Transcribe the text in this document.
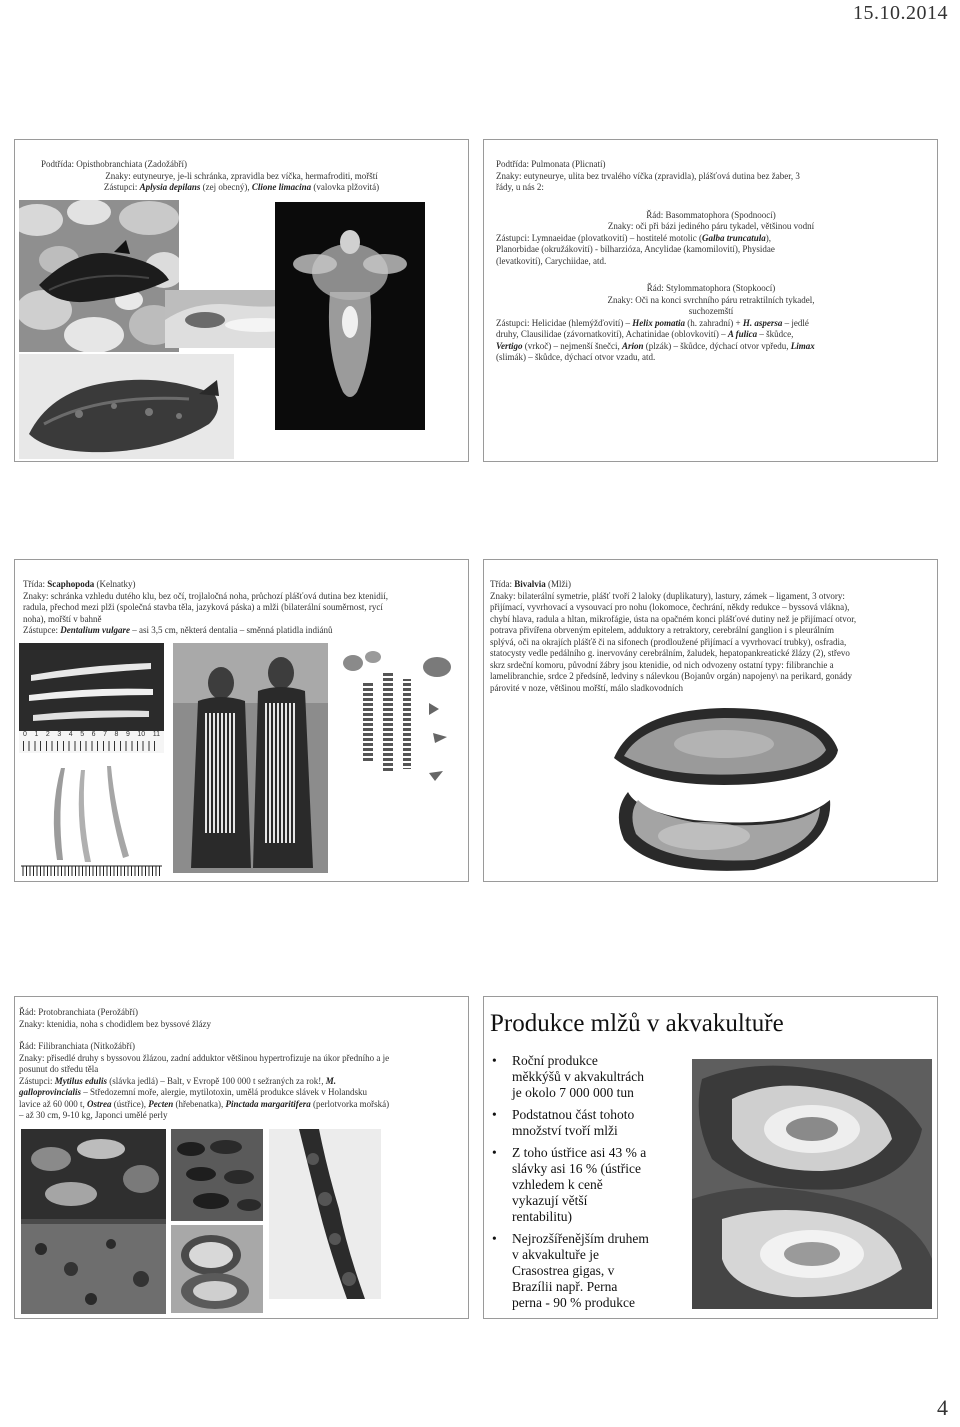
15.10.2014
4
Podtřída: Opisthobranchiata (Zadožábří)
Znaky: eutyneurye, je-li schránka, zpravidla bez víčka, hermafroditi, mořští
Zástupci: Aplysia depilans (zej obecný), Clione limacina (valovka plžovitá)
Podtřída: Pulmonata (Plicnatí)
Znaky: eutyneurye, ulita bez trvalého víčka (zpravidla), plášťová dutina bez žaber, 3
řády, u nás 2:
Řád: Basommatophora (Spodnoocí)
Znaky: oči při bázi jediného páru tykadel, většinou vodní
Zástupci: Lymnaeidae (plovatkovití) – hostitelé motolic (Galba truncatula),
Planorbidae (okružákovití) - bilharzióza, Ancylidae (kamomilovití), Physidae
(levatkovití), Carychiidae, atd.
Řád: Stylommatophora (Stopkoocí)
Znaky: Oči na konci svrchního páru retraktilních tykadel,
suchozemští
Zástupci: Helicidae (hlemýžďovití) – Helix pomatia (h. zahradní) + H. aspersa – jedlé
druhy, Clausilidae (závornatkovití), Achatinidae (oblovkovití) – A fulica – škůdce,
Vertigo (vrkoč) – nejmenší šnečci, Arion (plzák) – škůdce, dýchací otvor vpředu, Limax
(slimák) – škůdce, dýchací otvor vzadu, atd.
Třída: Scaphopoda (Kelnatky)
Znaky: schránka vzhledu dutého klu, bez očí, trojlaločná noha, průchozí plášťová dutina bez ktenidií,
radula, přechod mezi plži (společná stavba těla, jazyková páska) a mlži (bilaterální souměrnost, rycí
noha), mořští v bahně
Zástupce: Dentalium vulgare – asi 3,5 cm, některá dentalia – směnná platidla indiánů
0 1 2 3 4 5 6 7 8 9 10 11
Třída: Bivalvia (Mlži)
Znaky: bilaterální symetrie, plášť tvoří 2 laloky (duplikatury), lastury, zámek – ligament, 3 otvory:
přijímací, vyvrhovací a vysouvací pro nohu (lokomoce, čechrání, někdy redukce – byssová vlákna),
chybí hlava, radula a hltan, mikrofágie, ústa na opačném konci plášťové dutiny než je přijímací otvor,
potrava přivířena obrveným epitelem, adduktory a retraktory, cerebrální ganglion i s pleurálním
splývá, oči na okrajích plášťě či na sifonech (prodloužené přijímací a vyvrhovací trubky), osfradia,
statocysty vedle pedálního g. inervovány cerebrálním, žaludek, hepatopankreatické žlázy (2), střevo
skrz srdeční komoru, původní žábry jsou ktenidie, od nich odvozeny ostatní typy: filibranchie a
lamelibranchie, srdce 2 předsíně, ledviny s nálevkou (Bojanův orgán) napojeny\ na perikard, gonády
párovité v noze, většinou mořští, málo sladkovodních
Řád: Protobranchiata (Perožábří)
Znaky: ktenidia, noha s chodidlem bez byssové žlázy
Řád: Filibranchiata (Nitkožábří)
Znaky: přisedlé druhy s byssovou žlázou, zadní adduktor většinou hypertrofizuje na úkor předního a je
posunut do středu těla
Zástupci: Mytilus edulis (slávka jedlá) – Balt, v Evropě 100 000 t sežraných za rok!, M.
galloprovincialis – Středozemní moře, alergie, mytilotoxin, umělá produkce slávek v Holandsku
lavice až 60 000 t, Ostrea (ústřice), Pecten (hřebenatka), Pinctada margaritifera (perlotvorka mořská)
– až 30 cm, 9-10 kg, Japonci umělé perly
Produkce mlžů v akvakultuře
• Roční produkce
měkkýšů v akvakultrách
je okolo 7 000 000 tun
• Podstatnou část tohoto
množství tvoří mlži
• Z toho ústřice asi 43 % a
slávky asi 16 % (ústřice
vzhledem k ceně
vykazují větší
rentabilitu)
• Nejrozšířenějším druhem
v akvakultuře je
Crasostrea gigas, v
Brazílii např. Perna
perna - 90 % produkce
